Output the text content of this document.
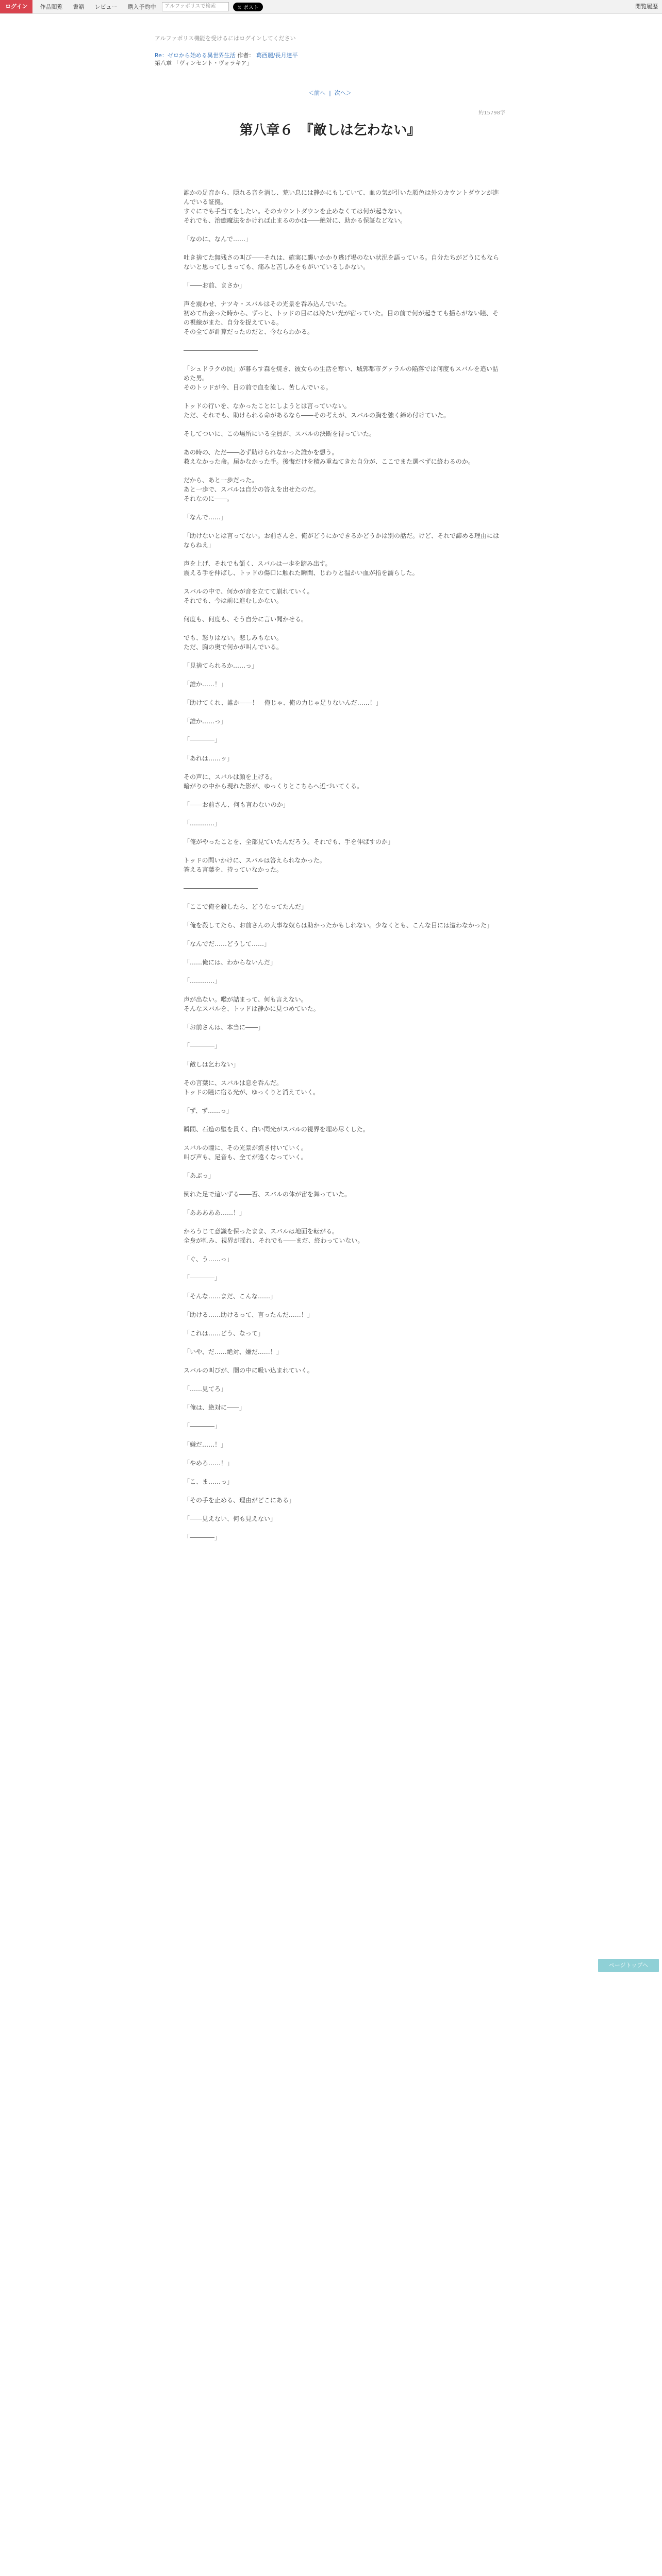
ログイン	作品閲覧	書籍	レビュー	購入予約中	アルファポリスで検索	𝕏 ポスト	閲覧履歴
アルファポリス機能を受けるにはログインしてください
Re：ゼロから始める異世界生活 作者： 葛西麗/長月達平
第八章 「ヴィンセント・ヴォラキア」
＜前へ  |  次へ＞
約15798字
第八章６　『敵しは乞わない』

誰かの足音から、隠れる音を消し、荒い息には静かにもしていて、血の気が引いた顔色は外のカウントダウンが進んでいる証拠。

すぐにでも手当てをしたい。そのカウントダウンを止めなくては何が起きない。

それでも、治癒魔法をかければ止まるのかは――絶対に、助かる保証などない。

「なのに、なんで……」

吐き捨てた無残さの叫び――それは、確実に襲いかかり逃げ場のない状況を語っている。自分たちがどうにもならないと思ってしまっても、痛みと苦しみをもがいているしかない。

「――お前、まさか」

声を震わせ、ナツキ・スバルはその光景を呑み込んでいた。

初めて出会った時から、ずっと、トッドの目には冷たい光が宿っていた。目の前で何が起きても揺らがない瞳、その視線がまた、自分を捉えている。

その全てが計算だったのだと、今ならわかる。

――――――――――――

「シュドラクの民」が暮らす森を焼き、彼女らの生活を奪い、城郭都市グァラルの陥落では何度もスバルを追い詰めた男。

そのトッドが今、目の前で血を流し、苦しんでいる。

トッドの行いを、なかったことにしようとは言っていない。

ただ、それでも、助けられる命があるなら――その考えが、スバルの胸を強く締め付けていた。

そしてついに、この場所にいる全員が、スバルの決断を待っていた。

あの時の、ただ――必ず助けられなかった誰かを想う。

救えなかった命。届かなかった手。後悔だけを積み重ねてきた自分が、ここでまた選べずに終わるのか。

だから、あと一歩だった。

あと一歩で、スバルは自分の答えを出せたのだ。

それなのに――。

「なんで……」

「助けないとは言ってない。お前さんを、俺がどうにかできるかどうかは別の話だ。けど、それで諦める理由にはならねえ」

声を上げ、それでも頷く、スバルは一歩を踏み出す。

震える手を伸ばし、トッドの傷口に触れた瞬間、じわりと温かい血が指を濡らした。

スバルの中で、何かが音を立てて崩れていく。

それでも、今は前に進むしかない。

何度も、何度も、そう自分に言い聞かせる。

でも、怒りはない。悲しみもない。

ただ、胸の奥で何かが叫んでいる。

「見捨てられるか……っ」

「誰か……！」

「助けてくれ、誰か――！　俺じゃ、俺の力じゃ足りないんだ……！」

「誰か……っ」

「――――」

「あれは……ッ」

その声に、スバルは顔を上げる。

暗がりの中から現れた影が、ゆっくりとこちらへ近づいてくる。

「――お前さん、何も言わないのか」

「…………」

「俺がやったことを、全部見ていたんだろう。それでも、手を伸ばすのか」

トッドの問いかけに、スバルは答えられなかった。

答える言葉を、持っていなかった。

――――――――――――

「ここで俺を殺したら、どうなってたんだ」

「俺を殺してたら、お前さんの大事な奴らは助かったかもしれない。少なくとも、こんな目には遭わなかった」

「なんでだ……どうして……」

「……俺には、わからないんだ」

「…………」

声が出ない。喉が詰まって、何も言えない。

そんなスバルを、トッドは静かに見つめていた。

「お前さんは、本当に――」

「――――」

「敵しは乞わない」

その言葉に、スバルは息を呑んだ。

トッドの瞳に宿る光が、ゆっくりと消えていく。

「ず、ず……っ」

瞬間、石造の壁を貫く、白い閃光がスバルの視界を埋め尽くした。

スバルの瞳に、その光景が焼き付いていく。

叫び声も、足音も、全てが遠くなっていく。

「あぶっ」

倒れた足で這いずる――否、スバルの体が宙を舞っていた。

「あああああ……！」

かろうじて意識を保ったまま、スバルは地面を転がる。

全身が軋み、視界が揺れ、それでも――まだ、終わっていない。

「ぐ、う……っ」

「――――」

「そんな……まだ、こんな……」

「助ける……助けるって、言ったんだ……！」

「これは……どう、なって」

「いや、だ……絶対、嫌だ……！」

スバルの叫びが、闇の中に吸い込まれていく。

「……見てろ」

「俺は、絶対に――」

「――――」

「嫌だ……！」

「やめろ……！」

「こ、ま……っ」

「その手を止める、理由がどこにある」

「――見えない、何も見えない」

「――――」

ページトップへ
